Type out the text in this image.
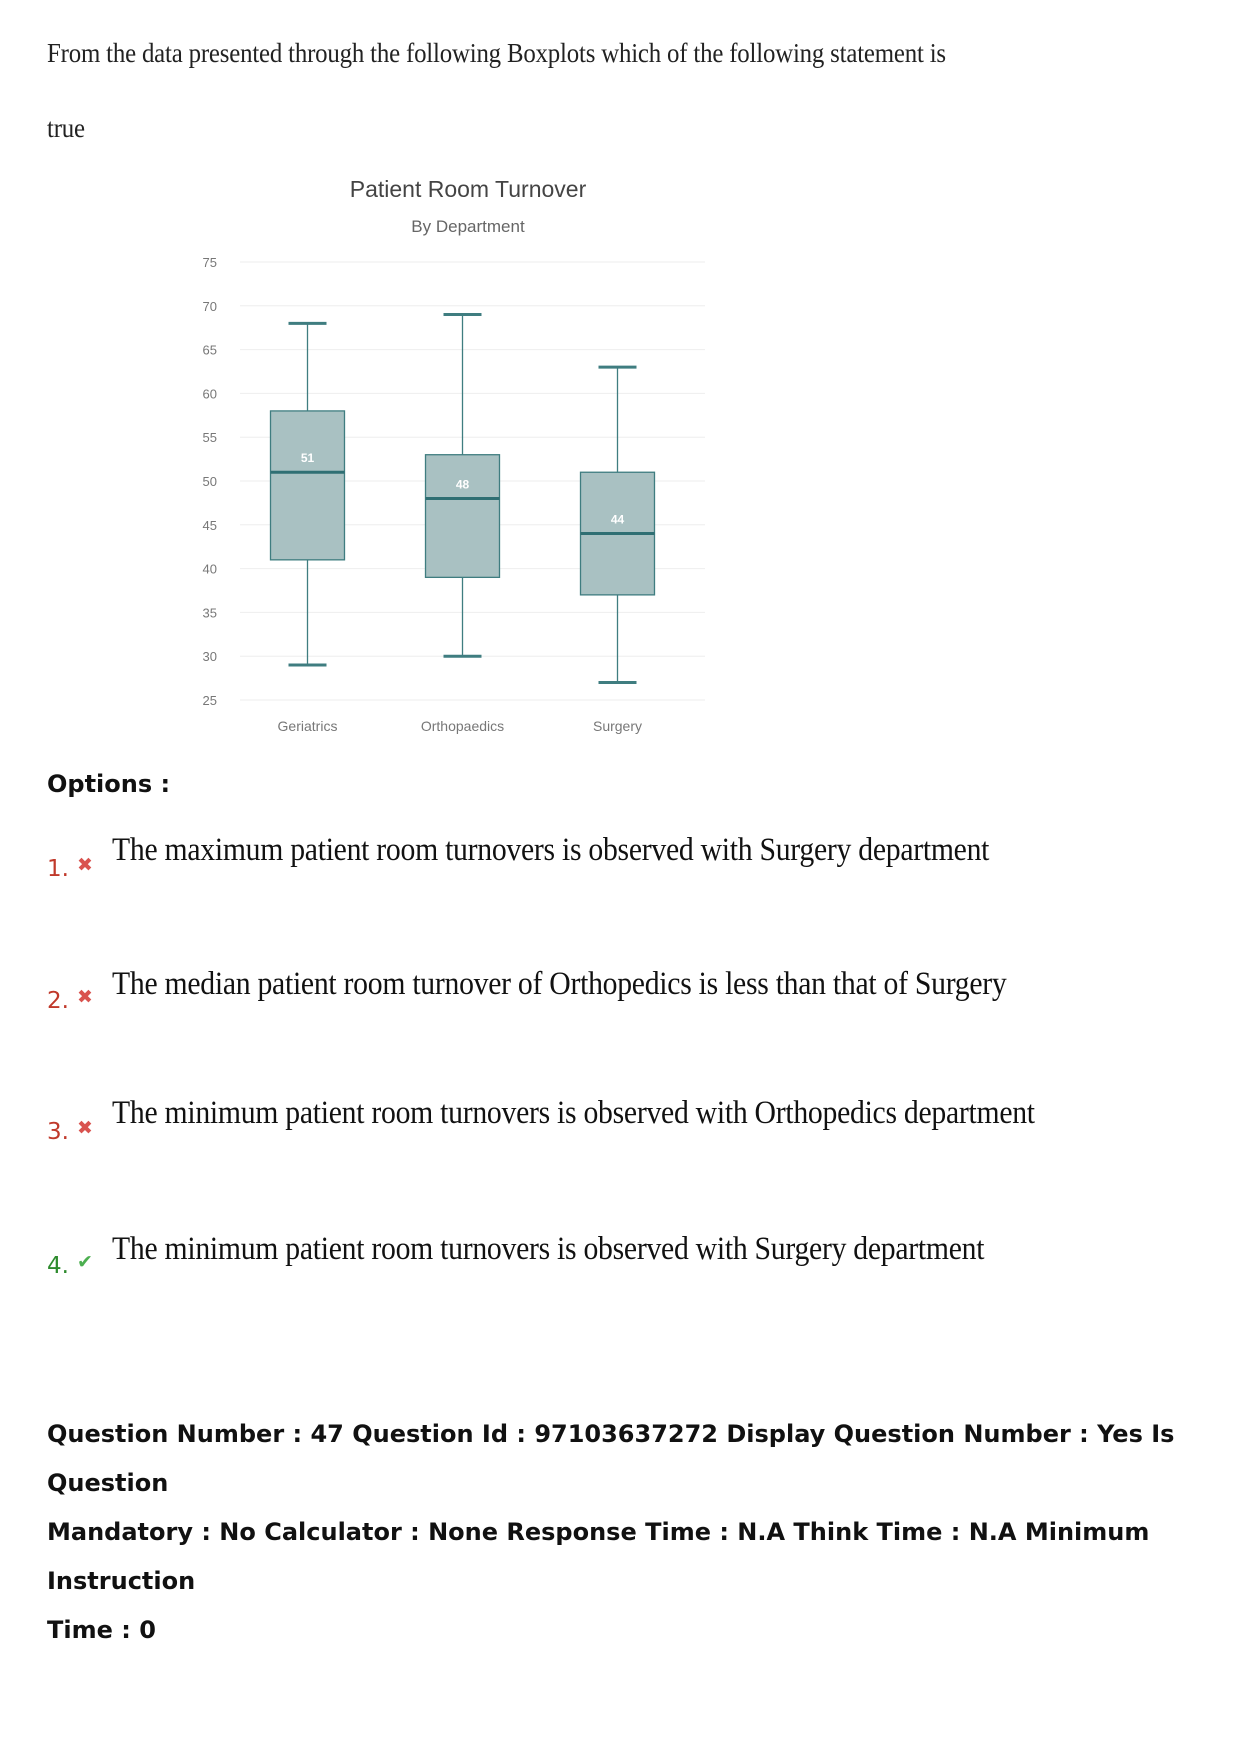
From the data presented through the following Boxplots which of the following statement is
true
Patient Room Turnover
By Department
25
30
35
40
45
50
55
60
65
70
75
51
48
44
Geriatrics	Orthopaedics	Surgery
Options :
1. ✖ The maximum patient room turnovers is observed with Surgery department
2. ✖ The median patient room turnover of Orthopedics is less than that of Surgery
3. ✖ The minimum patient room turnovers is observed with Orthopedics department
4. ✔ The minimum patient room turnovers is observed with Surgery department
Question Number : 47 Question Id : 97103637272 Display Question Number : Yes Is Question
Mandatory : No Calculator : None Response Time : N.A Think Time : N.A Minimum Instruction
Time : 0
